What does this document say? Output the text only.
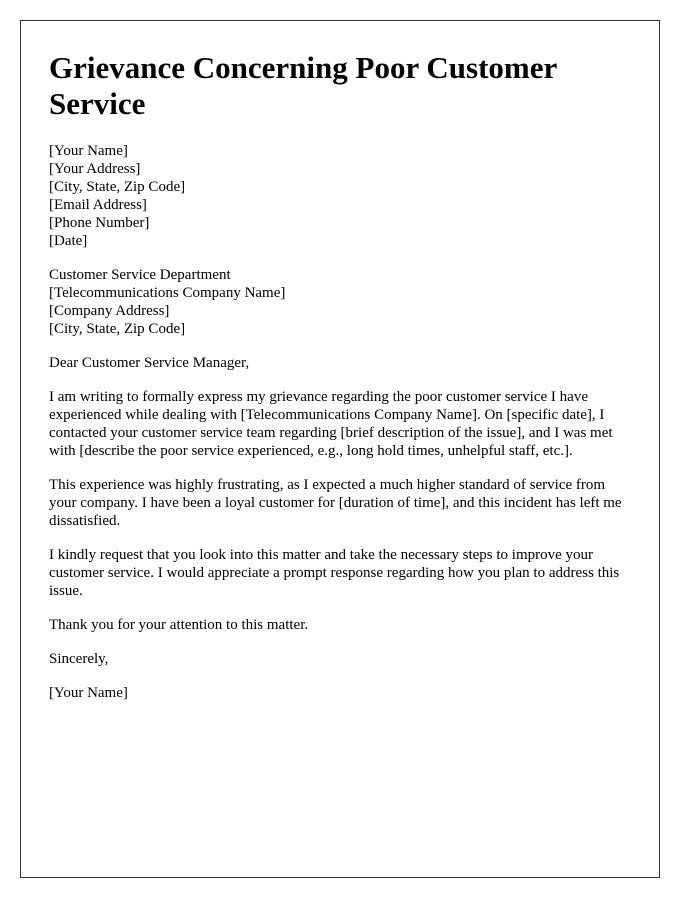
Grievance Concerning Poor Customer Service
[Your Name]
[Your Address]
[City, State, Zip Code]
[Email Address]
[Phone Number]
[Date]
Customer Service Department
[Telecommunications Company Name]
[Company Address]
[City, State, Zip Code]

Dear Customer Service Manager,

I am writing to formally express my grievance regarding the poor customer service I have experienced while dealing with [Telecommunications Company Name]. On [specific date], I contacted your customer service team regarding [brief description of the issue], and I was met with [describe the poor service experienced, e.g., long hold times, unhelpful staff, etc.].

This experience was highly frustrating, as I expected a much higher standard of service from your company. I have been a loyal customer for [duration of time], and this incident has left me dissatisfied.

I kindly request that you look into this matter and take the necessary steps to improve your customer service. I would appreciate a prompt response regarding how you plan to address this issue.

Thank you for your attention to this matter.

Sincerely,

[Your Name]
